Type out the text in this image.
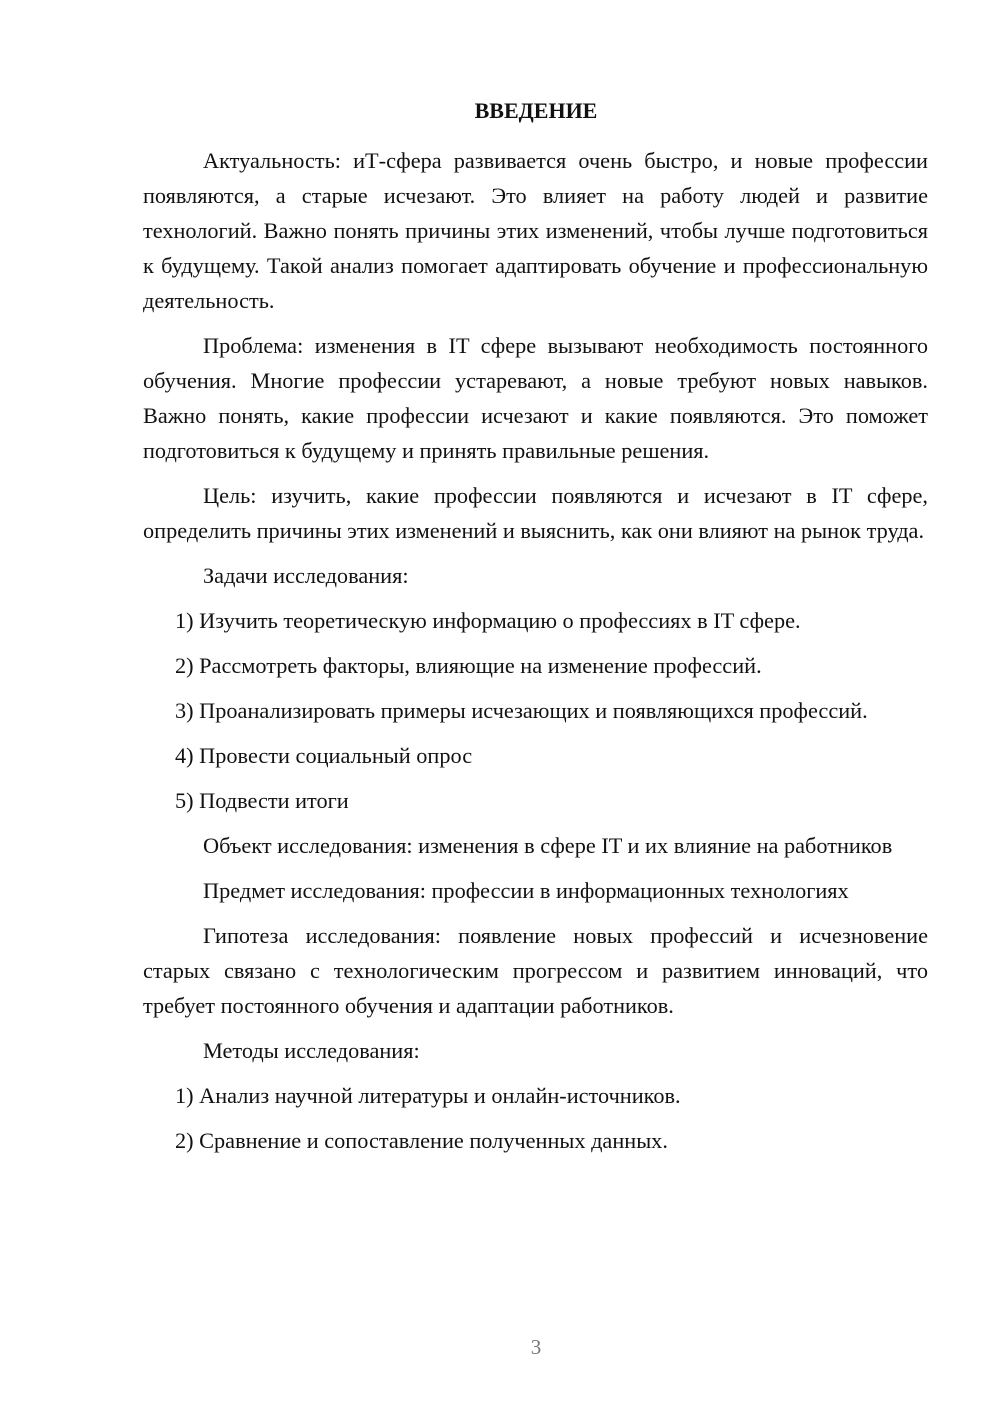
ВВЕДЕНИЕ

Актуальность: иТ-сфера развивается очень быстро, и новые профессии появляются, а старые исчезают. Это влияет на работу людей и развитие технологий. Важно понять причины этих изменений, чтобы лучше подготовиться к будущему. Такой анализ помогает адаптировать обучение и профессиональную деятельность.

Проблема: изменения в IT сфере вызывают необходимость постоянного обучения. Многие профессии устаревают, а новые требуют новых навыков. Важно понять, какие профессии исчезают и какие появляются. Это поможет подготовиться к будущему и принять правильные решения.

Цель: изучить, какие профессии появляются и исчезают в IT сфере, определить причины этих изменений и выяснить, как они влияют на рынок труда.

Задачи исследования:

1) Изучить теоретическую информацию о профессиях в IT сфере.

2) Рассмотреть факторы, влияющие на изменение профессий.

3) Проанализировать примеры исчезающих и появляющихся профессий.

4) Провести социальный опрос

5) Подвести итоги

Объект исследования: изменения в сфере IT и их влияние на работников

Предмет исследования: профессии в информационных технологиях

Гипотеза исследования: появление новых профессий и исчезновение старых связано с технологическим прогрессом и развитием инноваций, что требует постоянного обучения и адаптации работников.

Методы исследования:

1) Анализ научной литературы и онлайн-источников.

2) Сравнение и сопоставление полученных данных.

3
